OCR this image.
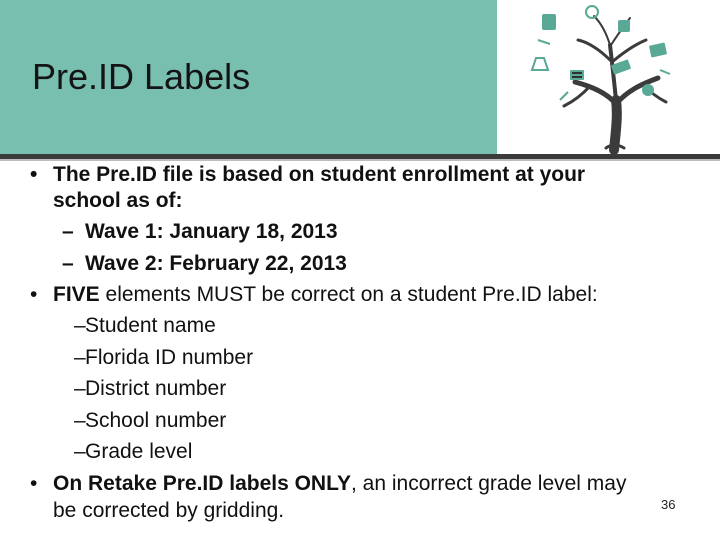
Pre.ID Labels
• The Pre.ID file is based on student enrollment at your
school as of:
– Wave 1: January 18, 2013
– Wave 2: February 22, 2013
• FIVE elements MUST be correct on a student Pre.ID label:
– Student name
– Florida ID number
– District number
– School number
– Grade level
• On Retake Pre.ID labels ONLY, an incorrect grade level may
be corrected by gridding.	36
